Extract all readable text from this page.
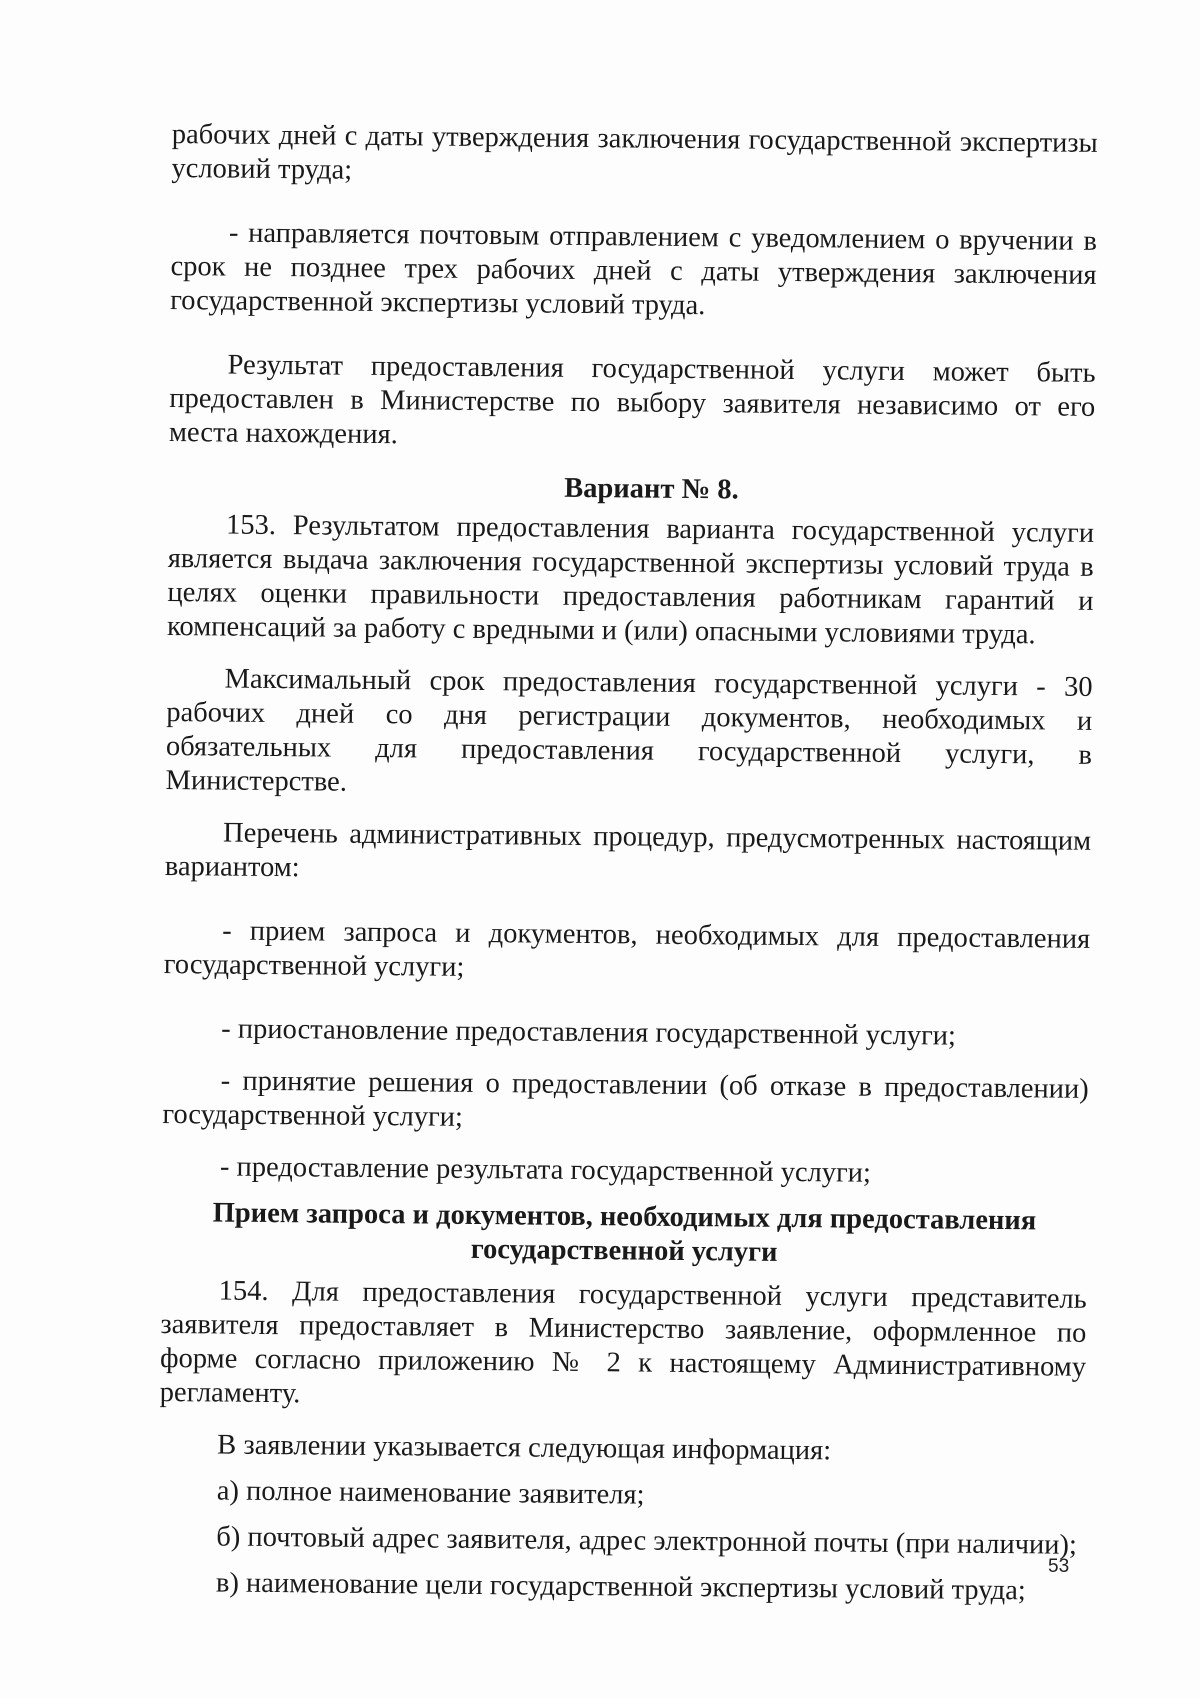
рабочих дней с даты утверждения заключения государственной экспертизы условий труда;

- направляется почтовым отправлением с уведомлением о вручении в срок не позднее трех рабочих дней с даты утверждения заключения государственной экспертизы условий труда.

Результат предоставления государственной услуги может быть предоставлен в Министерстве по выбору заявителя независимо от его места нахождения.

Вариант № 8.

153. Результатом предоставления варианта государственной услуги является выдача заключения государственной экспертизы условий труда в целях оценки правильности предоставления работникам гарантий и компенсаций за работу с вредными и (или) опасными условиями труда.

Максимальный срок предоставления государственной услуги - 30 рабочих дней со дня регистрации документов, необходимых и обязательных для предоставления государственной услуги, в Министерстве.

Перечень административных процедур, предусмотренных настоящим вариантом:

- прием запроса и документов, необходимых для предоставления государственной услуги;

- приостановление предоставления государственной услуги;

- принятие решения о предоставлении (об отказе в предоставлении) государственной услуги;

- предоставление результата государственной услуги;

Прием запроса и документов, необходимых для предоставления
государственной услуги

154. Для предоставления государственной услуги представитель заявителя предоставляет в Министерство заявление, оформленное по форме согласно приложению № 2 к настоящему Административному регламенту.

В заявлении указывается следующая информация:

а) полное наименование заявителя;

б) почтовый адрес заявителя, адрес электронной почты (при наличии);

в) наименование цели государственной экспертизы условий труда;

53
